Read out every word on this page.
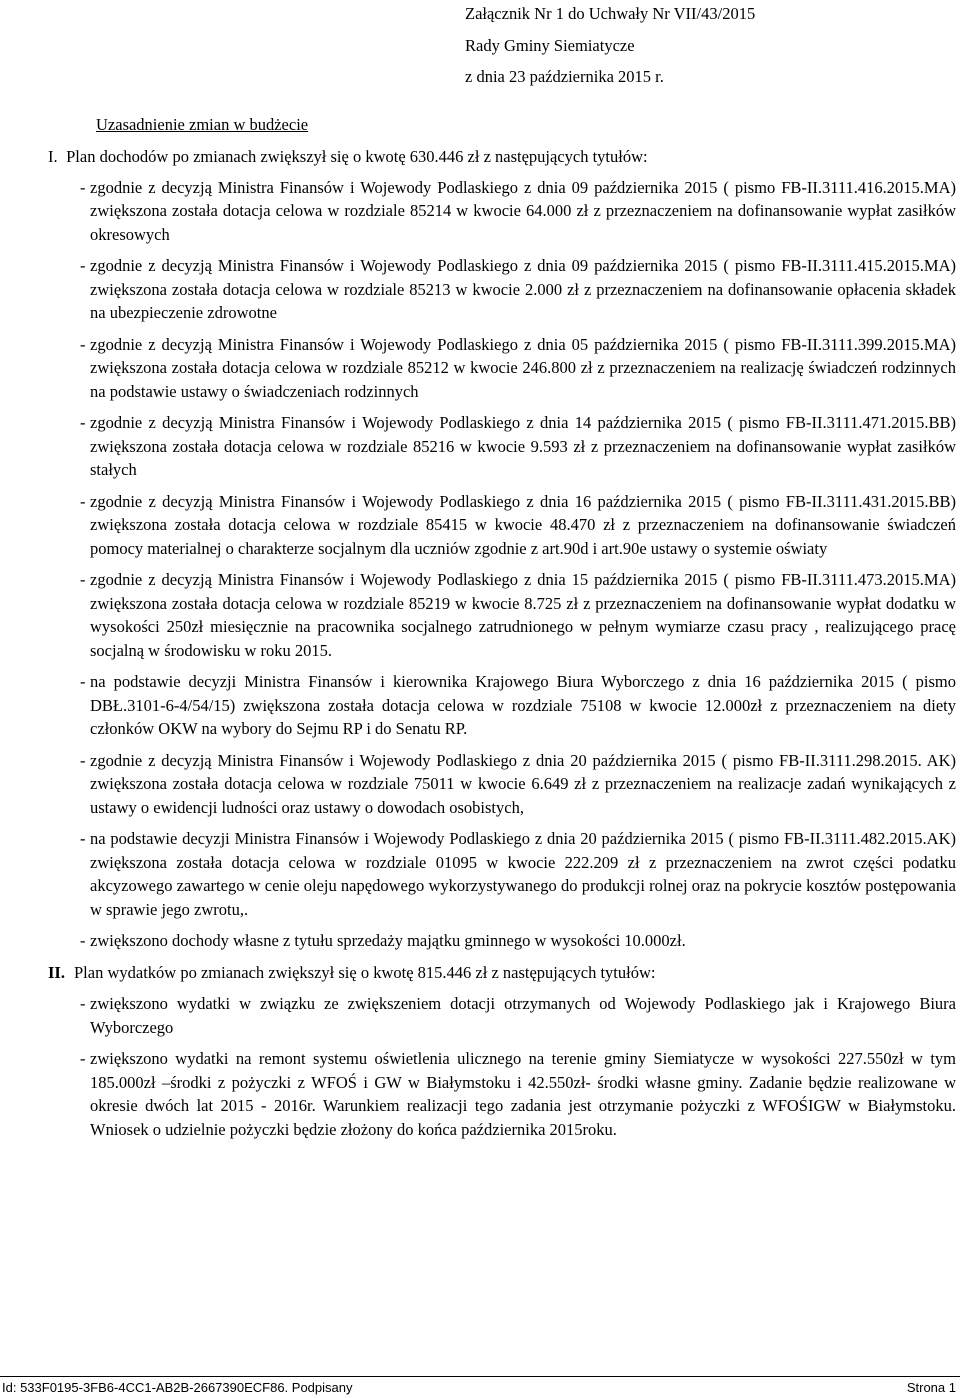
Załącznik Nr 1 do Uchwały Nr VII/43/2015
Rady Gminy Siemiatycze
z dnia 23 października 2015 r.
Uzasadnienie zmian w budżecie
I. Plan dochodów po zmianach zwiększył się o kwotę 630.446 zł z następujących tytułów:
- zgodnie z decyzją Ministra Finansów i Wojewody Podlaskiego z dnia 09 października 2015 ( pismo FB-II.3111.416.2015.MA) zwiększona została dotacja celowa w rozdziale 85214 w kwocie 64.000 zł z przeznaczeniem na dofinansowanie wypłat zasiłków okresowych
- zgodnie z decyzją Ministra Finansów i Wojewody Podlaskiego z dnia 09 października 2015 ( pismo FB-II.3111.415.2015.MA) zwiększona została dotacja celowa w rozdziale 85213 w kwocie 2.000 zł z przeznaczeniem na dofinansowanie opłacenia składek na ubezpieczenie zdrowotne
- zgodnie z decyzją Ministra Finansów i Wojewody Podlaskiego z dnia 05 października 2015 ( pismo FB-II.3111.399.2015.MA) zwiększona została dotacja celowa w rozdziale 85212 w kwocie 246.800 zł z przeznaczeniem na realizację świadczeń rodzinnych na podstawie ustawy o świadczeniach rodzinnych
- zgodnie z decyzją Ministra Finansów i Wojewody Podlaskiego z dnia 14 października 2015 ( pismo FB-II.3111.471.2015.BB) zwiększona została dotacja celowa w rozdziale 85216 w kwocie 9.593 zł z przeznaczeniem na dofinansowanie wypłat zasiłków stałych
- zgodnie z decyzją Ministra Finansów i Wojewody Podlaskiego z dnia 16 października 2015 ( pismo FB-II.3111.431.2015.BB) zwiększona została dotacja celowa w rozdziale 85415 w kwocie 48.470 zł z przeznaczeniem na dofinansowanie świadczeń pomocy materialnej o charakterze socjalnym dla uczniów zgodnie z art.90d i art.90e ustawy o systemie oświaty
- zgodnie z decyzją Ministra Finansów i Wojewody Podlaskiego z dnia 15 października 2015 ( pismo FB-II.3111.473.2015.MA) zwiększona została dotacja celowa w rozdziale 85219 w kwocie 8.725 zł z przeznaczeniem na dofinansowanie wypłat dodatku w wysokości 250zł miesięcznie na pracownika socjalnego zatrudnionego w pełnym wymiarze czasu pracy , realizującego pracę socjalną w środowisku w roku 2015.
- na podstawie decyzji Ministra Finansów i kierownika Krajowego Biura Wyborczego z dnia 16 października 2015 ( pismo DBŁ.3101-6-4/54/15) zwiększona została dotacja celowa w rozdziale 75108 w kwocie 12.000zł z przeznaczeniem na diety członków OKW na wybory do Sejmu RP i do Senatu RP.
- zgodnie z decyzją Ministra Finansów i Wojewody Podlaskiego z dnia 20 października 2015 ( pismo FB-II.3111.298.2015. AK) zwiększona została dotacja celowa w rozdziale 75011 w kwocie 6.649 zł z przeznaczeniem na realizacje zadań wynikających z ustawy o ewidencji ludności oraz ustawy o dowodach osobistych,
- na podstawie decyzji Ministra Finansów i Wojewody Podlaskiego z dnia 20 października 2015 ( pismo FB-II.3111.482.2015.AK) zwiększona została dotacja celowa w rozdziale 01095 w kwocie 222.209 zł z przeznaczeniem na zwrot części podatku akcyzowego zawartego w cenie oleju napędowego wykorzystywanego do produkcji rolnej oraz na pokrycie kosztów postępowania w sprawie jego zwrotu,.
- zwiększono dochody własne z tytułu sprzedaży majątku gminnego w wysokości 10.000zł.
II. Plan wydatków po zmianach zwiększył się o kwotę 815.446 zł z następujących tytułów:
- zwiększono wydatki w związku ze zwiększeniem dotacji otrzymanych od Wojewody Podlaskiego jak i Krajowego Biura Wyborczego
- zwiększono wydatki na remont systemu oświetlenia ulicznego na terenie gminy Siemiatycze w wysokości 227.550zł w tym 185.000zł –środki z pożyczki z WFOŚ i GW w Białymstoku i 42.550zł- środki własne gminy. Zadanie będzie realizowane w okresie dwóch lat 2015 - 2016r. Warunkiem realizacji tego zadania jest otrzymanie pożyczki z WFOŚIGW w Białymstoku. Wniosek o udzielnie pożyczki będzie złożony do końca października 2015roku.
Id: 533F0195-3FB6-4CC1-AB2B-2667390ECF86. Podpisany	Strona 1
